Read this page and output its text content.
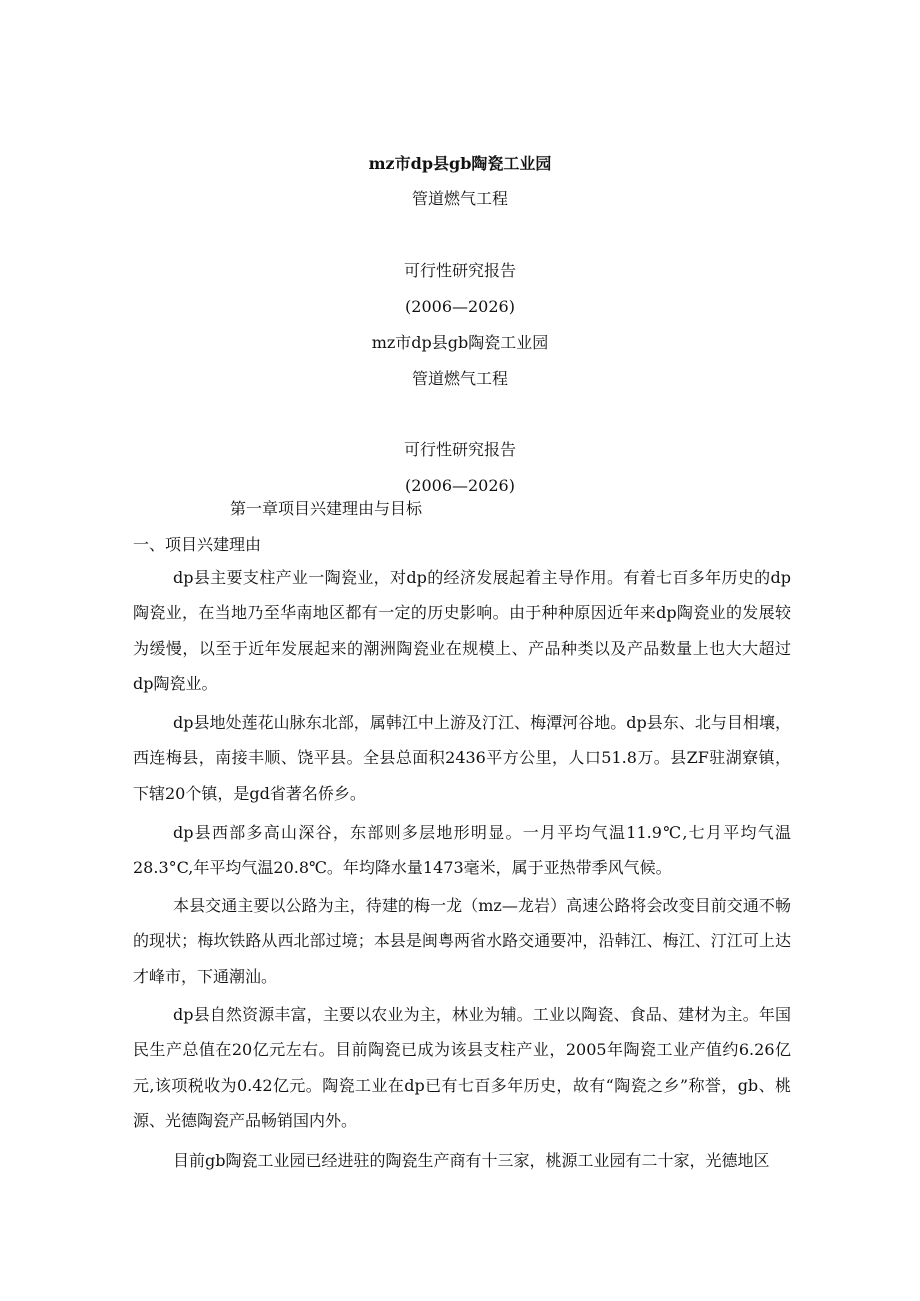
mz市dp县gb陶瓷工业园
管道燃气工程
可行性研究报告
(2006—2026)
mz市dp县gb陶瓷工业园
管道燃气工程
可行性研究报告
(2006—2026)
第一章项目兴建理由与目标
一、项目兴建理由

dp县主要支柱产业一陶瓷业，对dp的经济发展起着主导作用。有着七百多年历史的dp陶瓷业，在当地乃至华南地区都有一定的历史影响。由于种种原因近年来dp陶瓷业的发展较为缓慢，以至于近年发展起来的潮洲陶瓷业在规模上、产品种类以及产品数量上也大大超过dp陶瓷业。

dp县地处莲花山脉东北部，属韩江中上游及汀江、梅潭河谷地。dp县东、北与目相壤，西连梅县，南接丰顺、饶平县。全县总面积2436平方公里，人口51.8万。县ZF驻湖寮镇，下辖20个镇，是gd省著名侨乡。

dp县西部多高山深谷，东部则多层地形明显。一月平均气温11.9℃,七月平均气温28.3°C,年平均气温20.8℃。年均降水量1473毫米，属于亚热带季风气候。

本县交通主要以公路为主，待建的梅一龙（mz—龙岩）高速公路将会改变目前交通不畅的现状；梅坎铁路从西北部过境；本县是闽粤两省水路交通要冲，沿韩江、梅江、汀江可上达才峰市，下通潮汕。

dp县自然资源丰富，主要以农业为主，林业为辅。工业以陶瓷、食品、建材为主。年国民生产总值在20亿元左右。目前陶瓷已成为该县支柱产业，2005年陶瓷工业产值约6.26亿元,该项税收为0.42亿元。陶瓷工业在dp已有七百多年历史，故有“陶瓷之乡”称誉，gb、桃源、光德陶瓷产品畅销国内外。

目前gb陶瓷工业园已经进驻的陶瓷生产商有十三家，桃源工业园有二十家，光德地区
